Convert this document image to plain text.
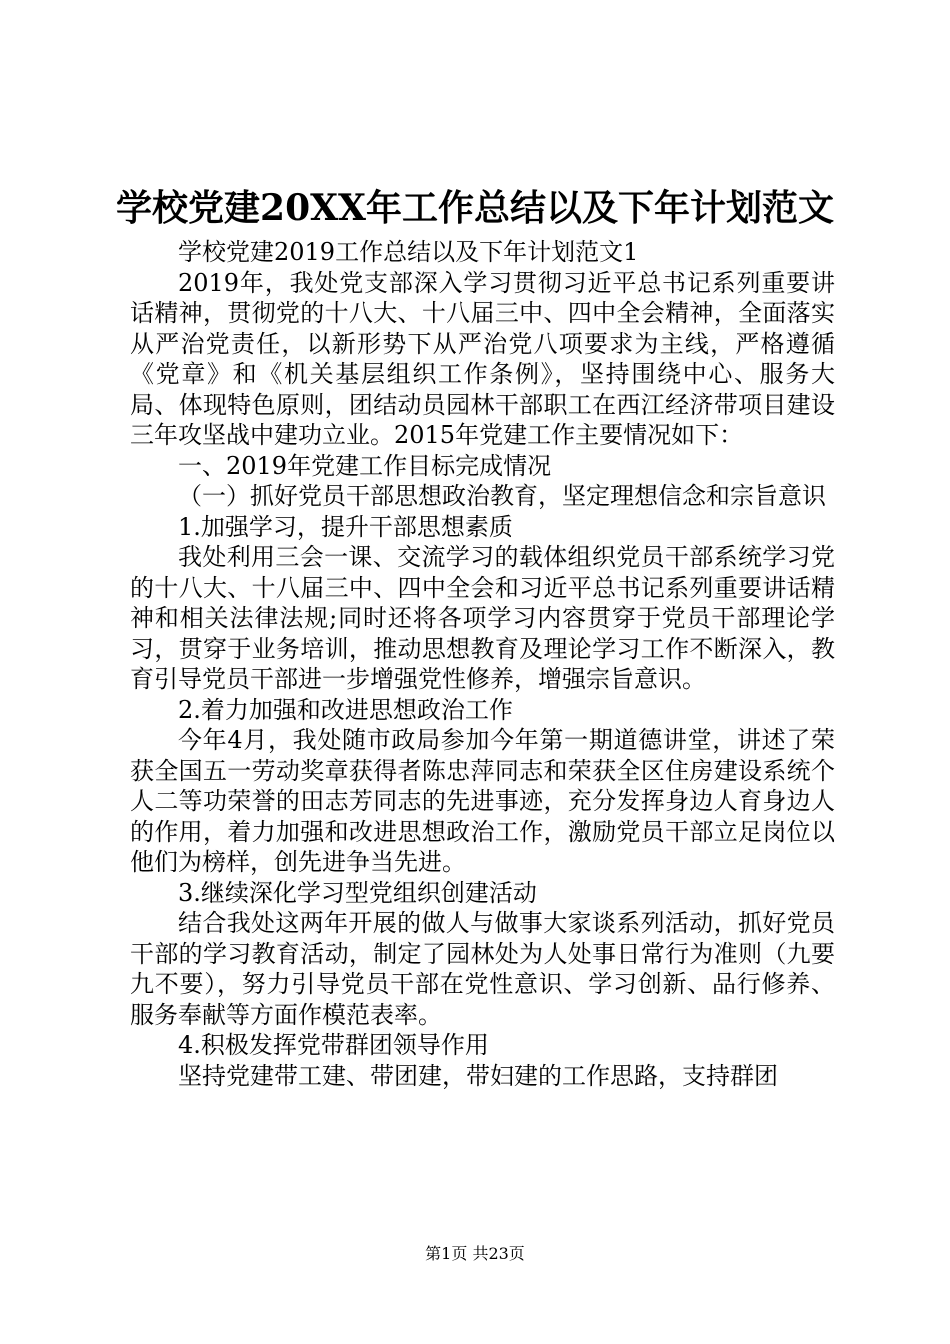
学校党建20XX年工作总结以及下年计划范文

学校党建2019工作总结以及下年计划范文1

2019年，我处党支部深入学习贯彻习近平总书记系列重要讲话精神，贯彻党的十八大、十八届三中、四中全会精神，全面落实从严治党责任，以新形势下从严治党八项要求为主线，严格遵循《党章》和《机关基层组织工作条例》，坚持围绕中心、服务大局、体现特色原则，团结动员园林干部职工在西江经济带项目建设三年攻坚战中建功立业。2015年党建工作主要情况如下：

一、2019年党建工作目标完成情况

（一）抓好党员干部思想政治教育，坚定理想信念和宗旨意识

1.加强学习，提升干部思想素质

我处利用三会一课、交流学习的载体组织党员干部系统学习党的十八大、十八届三中、四中全会和习近平总书记系列重要讲话精神和相关法律法规;同时还将各项学习内容贯穿于党员干部理论学习，贯穿于业务培训，推动思想教育及理论学习工作不断深入，教育引导党员干部进一步增强党性修养，增强宗旨意识。

2.着力加强和改进思想政治工作

今年4月，我处随市政局参加今年第一期道德讲堂，讲述了荣获全国五一劳动奖章获得者陈忠萍同志和荣获全区住房建设系统个人二等功荣誉的田志芳同志的先进事迹，充分发挥身边人育身边人的作用，着力加强和改进思想政治工作，激励党员干部立足岗位以他们为榜样，创先进争当先进。

3.继续深化学习型党组织创建活动

结合我处这两年开展的做人与做事大家谈系列活动，抓好党员干部的学习教育活动，制定了园林处为人处事日常行为准则（九要九不要），努力引导党员干部在党性意识、学习创新、品行修养、服务奉献等方面作模范表率。

4.积极发挥党带群团领导作用

坚持党建带工建、带团建，带妇建的工作思路，支持群团

第1页 共23页
